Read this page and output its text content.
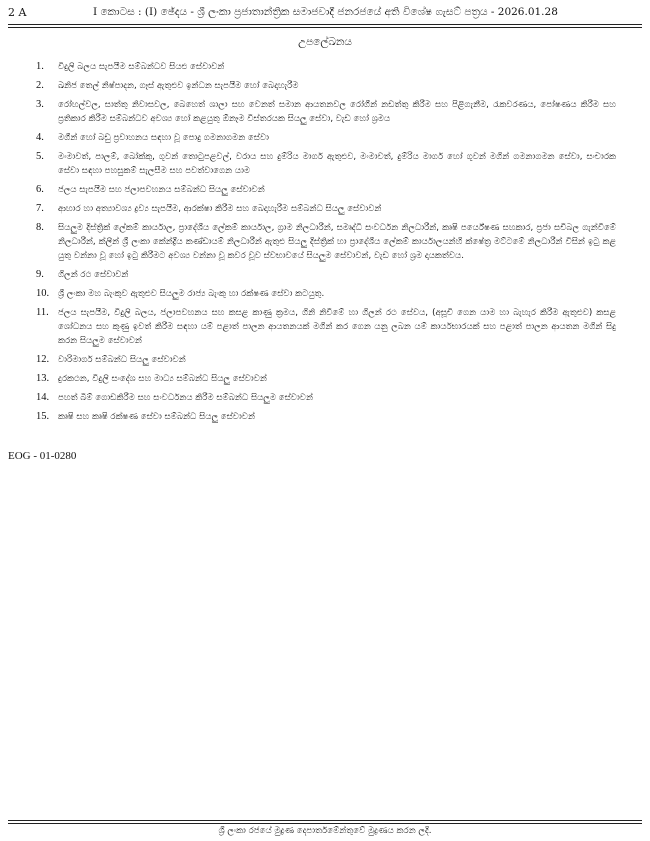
2 A	I කොටස : (I) ඡේදය - ශ්‍රී ලංකා ප්‍රජාතාන්ත්‍රික සමාජවාදී ජනරජයේ අති විශේෂ ගැසට් පත්‍රය - 2026.01.28
උපලේඛනය
1.	විදුලි බලය සැපයීම සම්බන්ධව සියළු සේවාවන්
2.	ඛනිජ තෙල් නිෂ්පාදන, ගෑස් ඇතුළුව ඉන්ධන සැපයීම හෝ බෙදාහැරීම
3.	රෝහල්වල, සාත්තු නිවාසවල, බෙහෙත් ශාලා සහ වෙනත් සමාන ආයතනවල රෝගීන් නඩත්තු කිරීම සහ පිළිගැනීම, රැකවරණය, පෝෂණය කිරීම සහ ප්‍රතිකාර කිරීම සම්බන්ධව අවශ්‍ය හෝ කළයුතු ඕනෑම විස්තරයක සියලු සේවා, වැඩ හෝ ශ්‍රමය
4.	මගීන් හෝ බඩු ප්‍රවාහනය සඳහා වූ පොදු ගමනාගමන සේවා
5.	මංමාවත්, පාලම්, බෝක්කු, ගුවන් තොටුපළවල්, වරාය සහ දුම්රිය මාර්ග ඇතුළුව, මංමාවත්, දුම්රිය මාර්ග හෝ ගුවන් මගින් ගමනාගමන සේවා, සංචාරක සේවා සඳහා පහසුකම් සැලසීම සහ පවත්වාගෙන යාම
6.	ජලය සැපයීම සහ ජලාපවහනය සම්බන්ධ සියලු සේවාවන්
7.	ආහාර හා අත්‍යාවශ්‍ය ද්‍රව්‍ය සැපයීම, ආරක්ෂා කිරීම සහ බෙදාහැරීම සම්බන්ධ සියලු සේවාවන්
8.	සියලුම දිස්ත්‍රික් ලේකම් කාර්යාල, ප්‍රාදේශීය ලේකම් කාර්යාල, ග්‍රාම නිලධාරීන්, සමෘද්ධි සංවර්ධන නිලධාරීන්, කෘෂි පර්යේෂණ සහකාර, ප්‍රජා සචිබල ගැන්වීමේ නිලධාරීන්, ක්ලීන් ශ්‍රී ලංකා කේන්ද්‍රීය කණ්ඩායම් නිලධාරීන් ඇතුළු සියලු දිස්ත්‍රික් හා ප්‍රාදේශීය ලේකම් කාර්යාලයන්හි ක්ෂේත්‍ර මට්ටමේ නිලධාරීන් විසින් ඉටු කළ යුතු වන්නා වූ හෝ ඉටු කිරීමට අවශ්‍ය වන්නා වූ කවර වූව ස්වභාවයේ සියලුම සේවාවන්, වැඩ හෝ ශ්‍රම දායකත්වය.
9.	ගිලන් රථ සේවාවන්
10.	ශ්‍රී ලංකා මහ බැංකුව ඇතුළුව සියලුම රාජ්‍ය බැංකු හා රක්ෂණ සේවා කටයුතු.
11.	ජලය සැපයීම, විදුලි බලය, ජලාපවහනය සහ කසළ කාණු ක්‍රමය, ගිනි නිවීමේ හා ගිලන් රථ සේවය, (අසූචි ගෙන යාම හා බැහැර කිරීම ඇතුළුව) කසළ ශෝධනය සහ කුණු ඉවත් කිරීම සඳහා යම් පළාත් පාලන ආයතනයක් මගින් කර ගෙන යනු ලබන යම් කාර්යභාරයක් සහ පළාත් පාලන ආයතන මගින් සිදු කරන සියලුම සේවාවන්
12.	වාරිමාර්ග සම්බන්ධ සියලු සේවාවන්
13.	දුරකථන, විදුලි සංදේශ සහ මාධ්‍ය සම්බන්ධ සියලු සේවාවන්
14.	පහත් බිම් ගොඩකිරීම සහ සංවර්ධනය කිරීම සම්බන්ධ සියලුම සේවාවන්
15.	කෘෂි සහ කෘෂි රක්ෂණ සේවා සම්බන්ධ සියලු සේවාවන්
EOG - 01-0280
ශ්‍රී ලංකා රජයේ මුද්‍රණ දෙපාර්තමේන්තුවේ මුද්‍රණය කරන ලදි.
